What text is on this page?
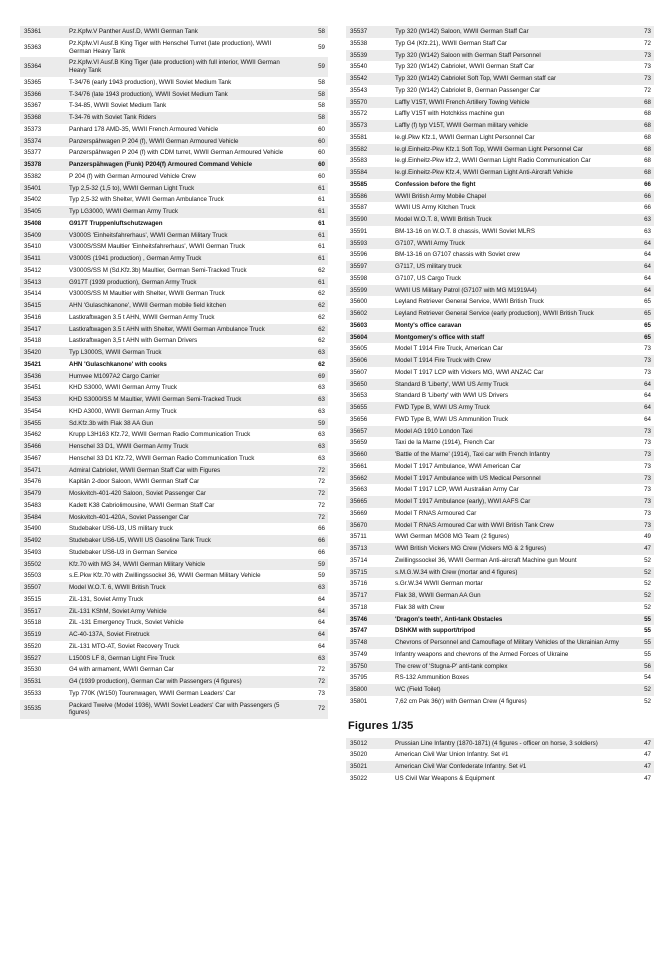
35361	Pz.Kpfw.V Panther Ausf.D, WWII German Tank	58
35363	Pz.Kpfw.VI Ausf.B King Tiger with Henschel Turret (late production), WWII German Heavy Tank	59
35364	Pz.Kpfw.VI Ausf.B King Tiger (late production) with full interior, WWII German Heavy Tank	59
35365	T-34/76 (early 1943 production), WWII Soviet Medium Tank	58
35366	T-34/76 (late 1943 production), WWII Soviet Medium Tank	58
35367	T-34-85, WWII Soviet Medium Tank	58
35368	T-34-76 with Soviet Tank Riders	58
35373	Panhard 178 AMD-35, WWII French Armoured Vehicle	60
35374	Panzerspähwagen P 204 (f), WWII German Armoured Vehicle	60
35377	Panzerspähwagen P 204 (f) with CDM turret, WWII German Armoured Vehicle	60
35378	Panzerspähwagen (Funk) P204(f) Armoured Command Vehicle	60
35382	P 204 (f) with German Armoured Vehicle Crew	60
35401	Typ 2,5-32 (1,5 to), WWII German Light Truck	61
35402	Typ 2,5-32 with Shelter, WWII German Ambulance Truck	61
35405	Typ LG3000, WWII German Army Truck	61
35408	G917T Truppenluftschutzwagen	61
35409	V3000S 'Einheitsfahrerhaus', WWII German Military Truck	61
35410	V3000S/SSM Maultier 'Einheitsfahrerhaus', WWII German Truck	61
35411	V3000S (1941 production) , German Army Truck	61
35412	V3000S/SS M (Sd.Kfz.3b) Maultier, German Semi-Tracked Truck	62
35413	G917T (1939 production), German Army Truck	61
35414	V3000S/SS M Maultier with Shelter, WWII German Truck	62
35415	AHN 'Gulaschkanone', WWII German mobile field kitchen	62
35416	Lastkraftwagen 3.5 t AHN, WWII German Army Truck	62
35417	Lastkraftwagen 3.5 t AHN with Shelter, WWII German Ambulance Truck	62
35418	Lastkraftwagen 3,5 t AHN with German Drivers	62
35420	Typ L3000S, WWII German Truck	63
35421	AHN 'Gulaschkanone' with cooks	62
35436	Humvee M1097A2 Cargo Carrier	69
35451	KHD S3000, WWII German Army Truck	63
35453	KHD S3000/SS M Maultier, WWII German Semi-Tracked Truck	63
35454	KHD A3000, WWII German Army Truck	63
35455	Sd.Kfz.3b with Flak 38 AA Gun	59
35462	Krupp L3H163 Kfz.72, WWII German Radio Communication Truck	63
35466	Henschel 33 D1, WWII German Army Truck	63
35467	Henschel 33 D1 Kfz.72, WWII German Radio Communication Truck	63
35471	Admiral Cabriolet, WWII German Staff Car with Figures	72
35476	Kapitän 2-door Saloon, WWII German Staff Car	72
35479	Moskvitch-401-420 Saloon, Soviet Passenger Car	72
35483	Kadett K38 Cabriolimousine, WWII German Staff Car	72
35484	Moskvitch-401-420A, Soviet Passenger Car	72
35490	Studebaker US6-U3, US military truck	66
35492	Studebaker US6-U5, WWII US Gasoline Tank Truck	66
35493	Studebaker US6-U3 in German Service	66
35502	Kfz.70 with MG 34, WWII German Military Vehicle	59
35503	s.E.Pkw Kfz.70 with Zwillingssockel 36, WWII German Military Vehicle	59
35507	Model W.O.T. 6, WWII British Truck	63
35515	ZiL-131, Soviet Army Truck	64
35517	ZiL-131 KShM, Soviet Army Vehicle	64
35518	ZiL -131 Emergency Truck, Soviet Vehicle	64
35519	AC-40-137A, Soviet Firetruck	64
35520	ZiL-131 MTO-AT, Soviet Recovery Truck	64
35527	L1500S LF 8, German Light Fire Truck	63
35530	G4 with armament, WWII German Car	72
35531	G4 (1939 production), German Car with Passengers (4 figures)	72
35533	Typ 770K (W150) Tourenwagen, WWII German Leaders' Car	73
35535	Packard Twelve (Model 1936), WWII Soviet Leaders' Car with Passengers (5 figures)	72
35537	Typ 320 (W142) Saloon, WWII German Staff Car	73
35538	Typ G4 (Kfz.21), WWII German Staff Car	72
35539	Typ 320 (W142) Saloon with German Staff Personnel	73
35540	Typ 320 (W142) Cabriolet, WWII German Staff Car	73
35542	Typ 320 (W142) Cabriolet Soft Top, WWII German staff car	73
35543	Typ 320 (W142) Cabriolet B, German Passenger Car	72
35570	Laffly V15T, WWII French Artillery Towing Vehicle	68
35572	Laffly V15T with Hotchkiss machine gun	68
35573	Laffly (f) typ V15T, WWII German military vehicle	68
35581	le.gl.Pkw Kfz.1, WWII German Light Personnel Car	68
35582	le.gl.Einheitz-Pkw Kfz.1 Soft Top, WWII German Light Personnel Car	68
35583	le.gl.Einheitz-Pkw kfz.2, WWII German Light Radio Communication Car	68
35584	le.gl.Einheitz-Pkw Kfz.4, WWII German Light Anti-Aircraft Vehicle	68
35585	Confession before the fight	66
35586	WWII British Army Mobile Chapel	66
35587	WWII US Army Kitchen Truck	66
35590	Model W.O.T. 8, WWII British Truck	63
35591	BM-13-16 on W.O.T. 8 chassis, WWII Soviet MLRS	63
35593	G7107, WWII Army Truck	64
35596	BM-13-16 on G7107 chassis with Soviet crew	64
35597	G7117, US military truck	64
35598	G7107, US Cargo Truck	64
35599	WWII US Military Patrol (G7107 with MG M1919A4)	64
35600	Leyland Retriever General Service, WWII British Truck	65
35602	Leyland Retriever General Service (early production), WWII British Truck	65
35603	Monty's office caravan	65
35604	Montgomery's office with staff	65
35605	Model T 1914 Fire Truck, American Car	73
35606	Model T 1914 Fire Truck with Crew	73
35607	Model T 1917 LCP with Vickers MG, WWI ANZAC Car	73
35650	Standard B 'Liberty', WWI US Army Truck	64
35653	Standard B 'Liberty' with WWI US Drivers	64
35655	FWD Type B, WWI US Army Truck	64
35656	FWD Type B, WWI US Ammunition Truck	64
35657	Model AG 1910 London Taxi	73
35659	Taxi de la Marne (1914), French Car	73
35660	'Battle of the Marne' (1914), Taxi car with French Infantry	73
35661	Model T 1917 Ambulance, WWI American Car	73
35662	Model T 1917 Ambulance with US Medical Personnel	73
35663	Model T 1917 LCP, WWI Australian Army Car	73
35665	Model T 1917 Ambulance (early), WWI AAFS Car	73
35669	Model T RNAS Armoured Car	73
35670	Model T RNAS Armoured Car with WWI British Tank Crew	73
35711	WWI German MG08 MG Team (2 figures)	49
35713	WWI British Vickers MG Crew (Vickers MG & 2 figures)	47
35714	Zwillingssockel 36, WWII German Anti-aircraft Machine gun Mount	52
35715	s.M.G.W.34 with Crew (mortar and 4 figures)	52
35716	s.Gr.W.34 WWII German mortar	52
35717	Flak 38, WWII German AA Gun	52
35718	Flak 38 with Crew	52
35746	'Dragon's teeth', Anti-tank Obstacles	55
35747	DShKM with support/tripod	55
35748	Chevrons of Personnel and Camouflage of Military Vehicles of the Ukrainian Army	55
35749	Infantry weapons and chevrons of the Armed Forces of Ukraine	55
35750	The crew of 'Stugna-P' anti-tank complex	56
35795	RS-132 Ammunition Boxes	54
35800	WC (Field Toilet)	52
35801	7,62 cm Pak 36(r) with German Crew (4 figures)	52
Figures 1/35
35012	Prussian Line Infantry (1870-1871) (4 figures - officer on horse, 3 soldiers)	47
35020	American Civil War Union Infantry. Set #1	47
35021	American Civil War Confederate Infantry. Set #1	47
35022	US Civil War Weapons & Equipment	47
